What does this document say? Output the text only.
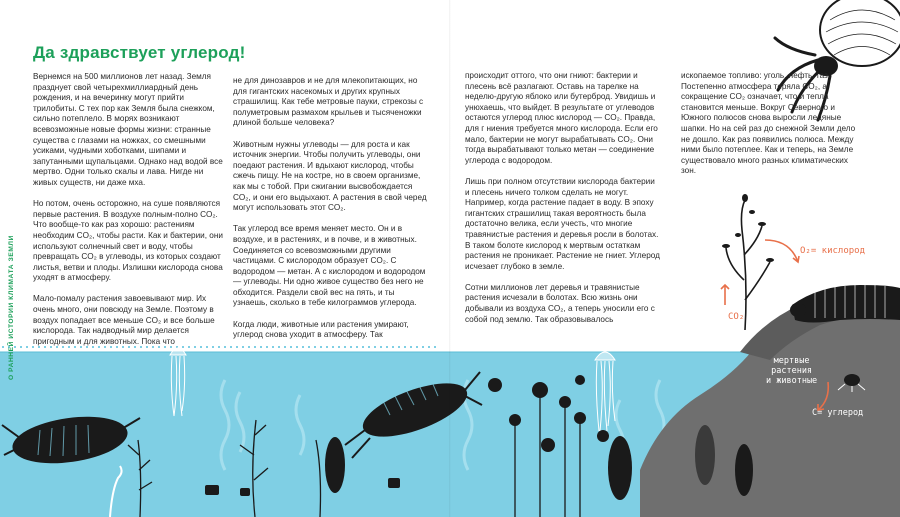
О РАННЕЙ ИСТОРИИ КЛИМАТА ЗЕМЛИ
Да здравствует углерод!

Вернемся на 500 миллионов лет назад. Земля празднует свой четырехмиллиардный день рождения, и на вечеринку могут прийти трилобиты. С тех пор как Земля была снежком, сильно потеплело. В морях возникают всевозможные новые формы жизни: странные существа с глазами на ножках, со смешными усиками, чудными хоботками, шипами и запутанными щупальцами. Однако над водой все мертво. Одни только скалы и лава. Нигде ни живых существ, ни даже мха.

Но потом, очень осторожно, на суше появляются первые растения. В воздухе полным-полно CO₂. Что вообще-то как раз хорошо: растениям необходим CO₂, чтобы расти. Как и бактерии, они используют солнечный свет и воду, чтобы превращать CO₂ в углеводы, из которых создают листья, ветви и плоды. Излишки кислорода снова уходят в атмосферу.

Мало-помалу растения завоевывают мир. Их очень много, они повсюду на Земле. Поэтому в воздух попадает все меньше CO₂ и все больше кислорода. Так надводный мир делается пригодным и для животных. Пока что

не для динозавров и не для млекопитающих, но для гигантских насекомых и других крупных страшилищ. Как тебе метровые пауки, стрекозы с полуметровым размахом крыльев и тысяченожки длиной больше человека?

Животным нужны углеводы — для роста и как источник энергии. Чтобы получить углеводы, они поедают растения. И вдыхают кислород, чтобы сжечь пищу. Не на костре, но в своем организме, как мы с тобой. При сжигании высвобождается CO₂, и они его выдыхают. А растения в свой черед могут использовать этот CO₂.

Так углерод все время меняет место. Он и в воздухе, и в растениях, и в почве, и в животных. Соединяется со всевозможными другими частицами. С кислородом образует CO₂. С водородом — метан. А с кислородом и водородом — углеводы. Ни одно живое существо без него не обходится. Раздели свой вес на пять, и ты узнаешь, сколько в тебе килограммов углерода.

Когда люди, животные или растения умирают, углерод снова уходит в атмосферу. Так

происходит оттого, что они гниют: бактерии и плесень всё разлагают. Оставь на тарелке на неделю-другую яблоко или бутерброд. Увидишь и унюхаешь, что выйдет. В результате от углеводов остаются углерод плюс кислород — CO₂. Правда, для г ниения требуется много кислорода. Если его мало, бактерии не могут вырабатывать CO₂. Они тогда вырабатывают только метан — соединение углерода с водородом.

Лишь при полном отсутствии кислорода бактерии и плесень ничего толком сделать не могут. Например, когда растение падает в воду. В эпоху гигантских страшилищ такая вероятность была достаточно велика, если учесть, что многие травянистые растения и деревья росли в болотах. В таком болоте кислород к мертвым остаткам растения не проникает. Растение не гниет. Углерод исчезает глубоко в земле.

Сотни миллионов лет деревья и травянистые растения исчезали в болотах. Всю жизнь они добывали из воздуха CO₂, а теперь уносили его с собой под землю. Так образовывалось

ископаемое топливо: уголь, нефть, газ. Постепенно атмосфера теряла CO₂, а сокращение CO₂ означает, что и тепла становится меньше. Вокруг Северного и Южного полюсов снова выросли ледяные шапки. Но на сей раз до снежной Земли дело не дошло. Как раз появились полюса. Между ними было потеплее. Как и теперь, на Земле существовало много разных климатических зон.

O₂= кислород
CO₂
мертвые
растения
и животные
C= углерод
